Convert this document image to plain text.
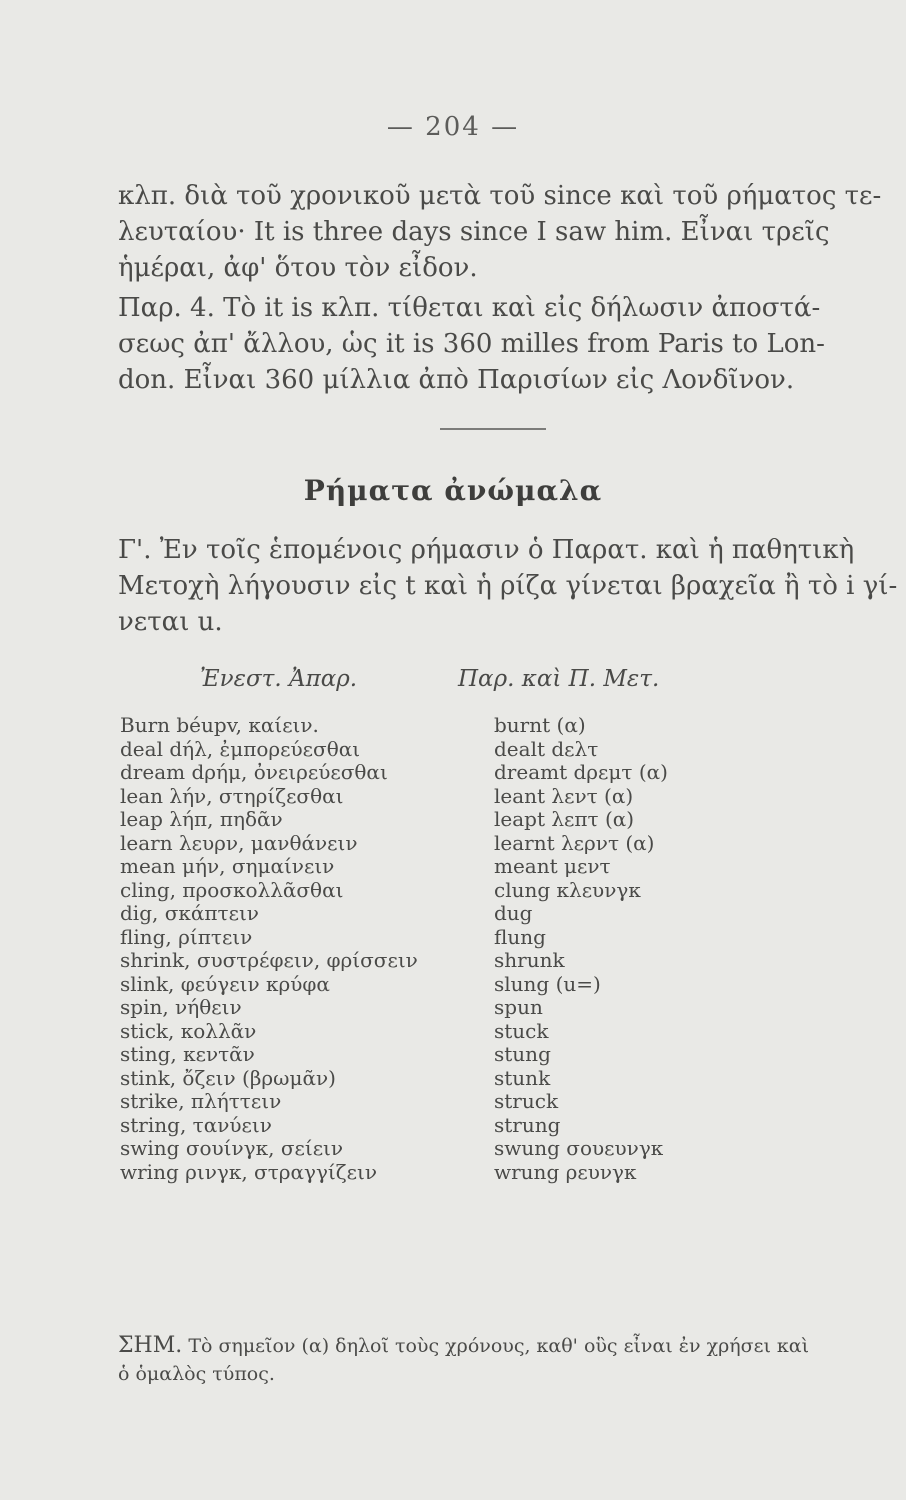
— 204 —

κλπ. διὰ τοῦ χρονικοῦ μετὰ τοῦ since καὶ τοῦ ρήματος τε-
λευταίου· It is three days since I saw him. Εἶναι τρεῖς
ἡμέραι, ἀφ' ὅτου τὸν εἶδον.

Παρ. 4. Τὸ it is κλπ. τίθεται καὶ εἰς δήλωσιν ἀποστά-
σεως ἀπ' ἄλλου, ὡς it is 360 milles from Paris to Lon-
don. Εἶναι 360 μίλλια ἀπὸ Παρισίων εἰς Λονδῖνον.

Ρήματα ἀνώμαλα

Γ'. Ἐν τοῖς ἑπομένοις ρήμασιν ὁ Παρατ. καὶ ἡ παθητικὴ
Μετοχὴ λήγουσιν εἰς t καὶ ἡ ρίζα γίνεται βραχεῖα ἢ τὸ i γί-
νεται u.

Ἐνεστ. Ἀπαρ.	Παρ. καὶ Π. Μετ.
Burn béupv, καίειν.
deal dήλ, ἐμπορεύεσθαι
dream dρήμ, ὀνειρεύεσθαι
lean λήν, στηρίζεσθαι
leap λήπ, πηδᾶν
learn λευρν, μανθάνειν
mean μήν, σημαίνειν
cling, προσκολλᾶσθαι
dig, σκάπτειν
fling, ρίπτειν
shrink, συστρέφειν, φρίσσειν
slink, φεύγειν κρύφα
spin, νήθειν
stick, κολλᾶν
sting, κεντᾶν
stink, ὄζειν (βρωμᾶν)
strike, πλήττειν
string, τανύειν
swing σουίνγκ, σείειν
wring ρινγκ, στραγγίζειν
burnt (α)
dealt dελτ
dreamt dρεμτ (α)
leant λεντ (α)
leapt λεπτ (α)
learnt λερντ (α)
meant μεντ
clung κλευνγκ
dug
flung
shrunk
slung (u=)
spun
stuck
stung
stunk
struck
strung
swung σουευνγκ
wrung ρευνγκ
ΣΗΜ. Τὸ σημεῖον (α) δηλοῖ τοὺς χρόνους, καθ' οὓς εἶναι ἐν χρήσει καὶ
ὁ ὁμαλὸς τύπος.
